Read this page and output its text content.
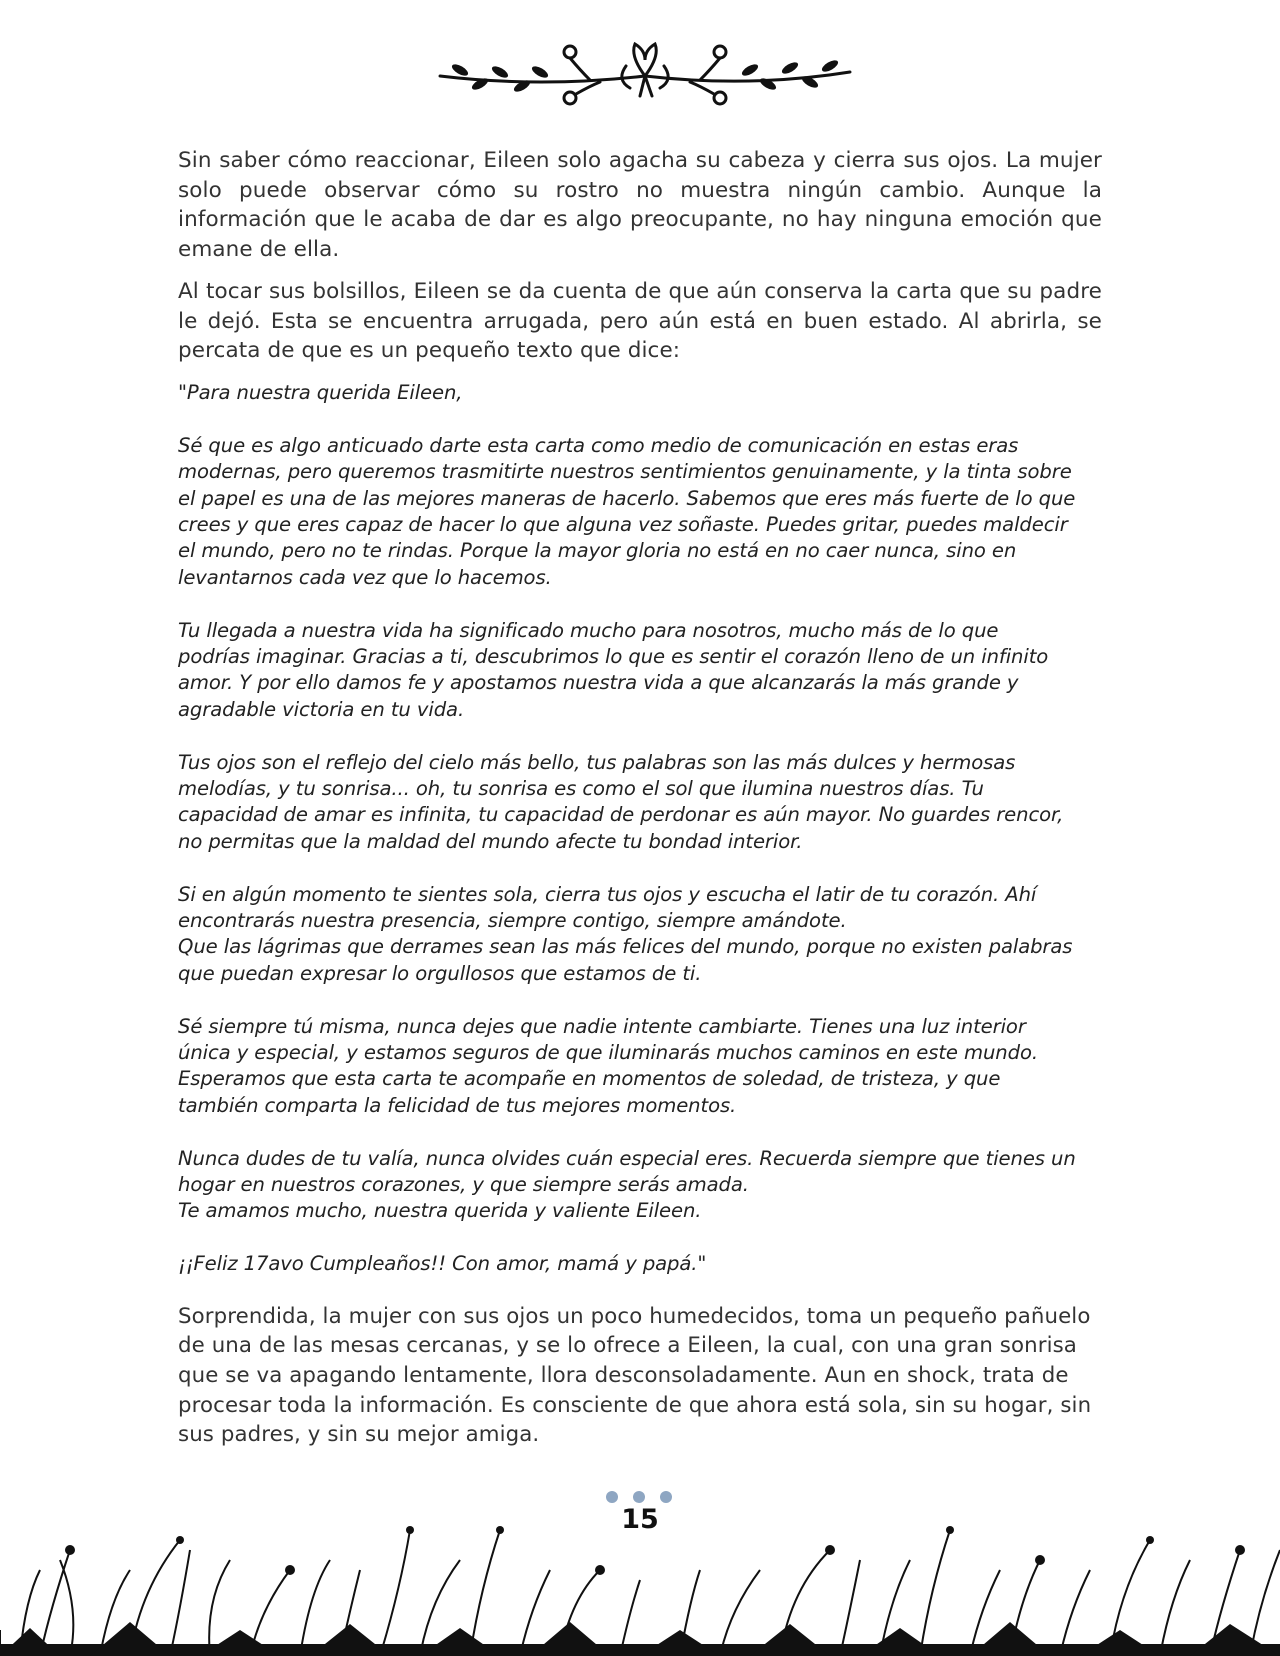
Sin saber cómo reaccionar, Eileen solo agacha su cabeza y cierra sus ojos. La mujer solo puede observar cómo su rostro no muestra ningún cambio. Aunque la información que le acaba de dar es algo preocupante, no hay ninguna emoción que emane de ella.

Al tocar sus bolsillos, Eileen se da cuenta de que aún conserva la carta que su padre le dejó. Esta se encuentra arrugada, pero aún está en buen estado. Al abrirla, se percata de que es un pequeño texto que dice:

"Para nuestra querida Eileen,

Sé que es algo anticuado darte esta carta como medio de comunicación en estas eras

modernas, pero queremos trasmitirte nuestros sentimientos genuinamente, y la tinta sobre

el papel es una de las mejores maneras de hacerlo. Sabemos que eres más fuerte de lo que

crees y que eres capaz de hacer lo que alguna vez soñaste. Puedes gritar, puedes maldecir

el mundo, pero no te rindas. Porque la mayor gloria no está en no caer nunca, sino en

levantarnos cada vez que lo hacemos.

Tu llegada a nuestra vida ha significado mucho para nosotros, mucho más de lo que

podrías imaginar. Gracias a ti, descubrimos lo que es sentir el corazón lleno de un infinito

amor. Y por ello damos fe y apostamos nuestra vida a que alcanzarás la más grande y

agradable victoria en tu vida.

Tus ojos son el reflejo del cielo más bello, tus palabras son las más dulces y hermosas

melodías, y tu sonrisa... oh, tu sonrisa es como el sol que ilumina nuestros días. Tu

capacidad de amar es infinita, tu capacidad de perdonar es aún mayor. No guardes rencor,

no permitas que la maldad del mundo afecte tu bondad interior.

Si en algún momento te sientes sola, cierra tus ojos y escucha el latir de tu corazón. Ahí

encontrarás nuestra presencia, siempre contigo, siempre amándote.

Que las lágrimas que derrames sean las más felices del mundo, porque no existen palabras

que puedan expresar lo orgullosos que estamos de ti.

Sé siempre tú misma, nunca dejes que nadie intente cambiarte. Tienes una luz interior

única y especial, y estamos seguros de que iluminarás muchos caminos en este mundo.

Esperamos que esta carta te acompañe en momentos de soledad, de tristeza, y que

también comparta la felicidad de tus mejores momentos.

Nunca dudes de tu valía, nunca olvides cuán especial eres. Recuerda siempre que tienes un

hogar en nuestros corazones, y que siempre serás amada.

Te amamos mucho, nuestra querida y valiente Eileen.

¡¡Feliz 17avo Cumpleaños!! Con amor, mamá y papá."

Sorprendida, la mujer con sus ojos un poco humedecidos, toma un pequeño pañuelo de una de las mesas cercanas, y se lo ofrece a Eileen, la cual, con una gran sonrisa que se va apagando lentamente, llora desconsoladamente. Aun en shock, trata de procesar toda la información. Es consciente de que ahora está sola, sin su hogar, sin sus padres, y sin su mejor amiga.

15
